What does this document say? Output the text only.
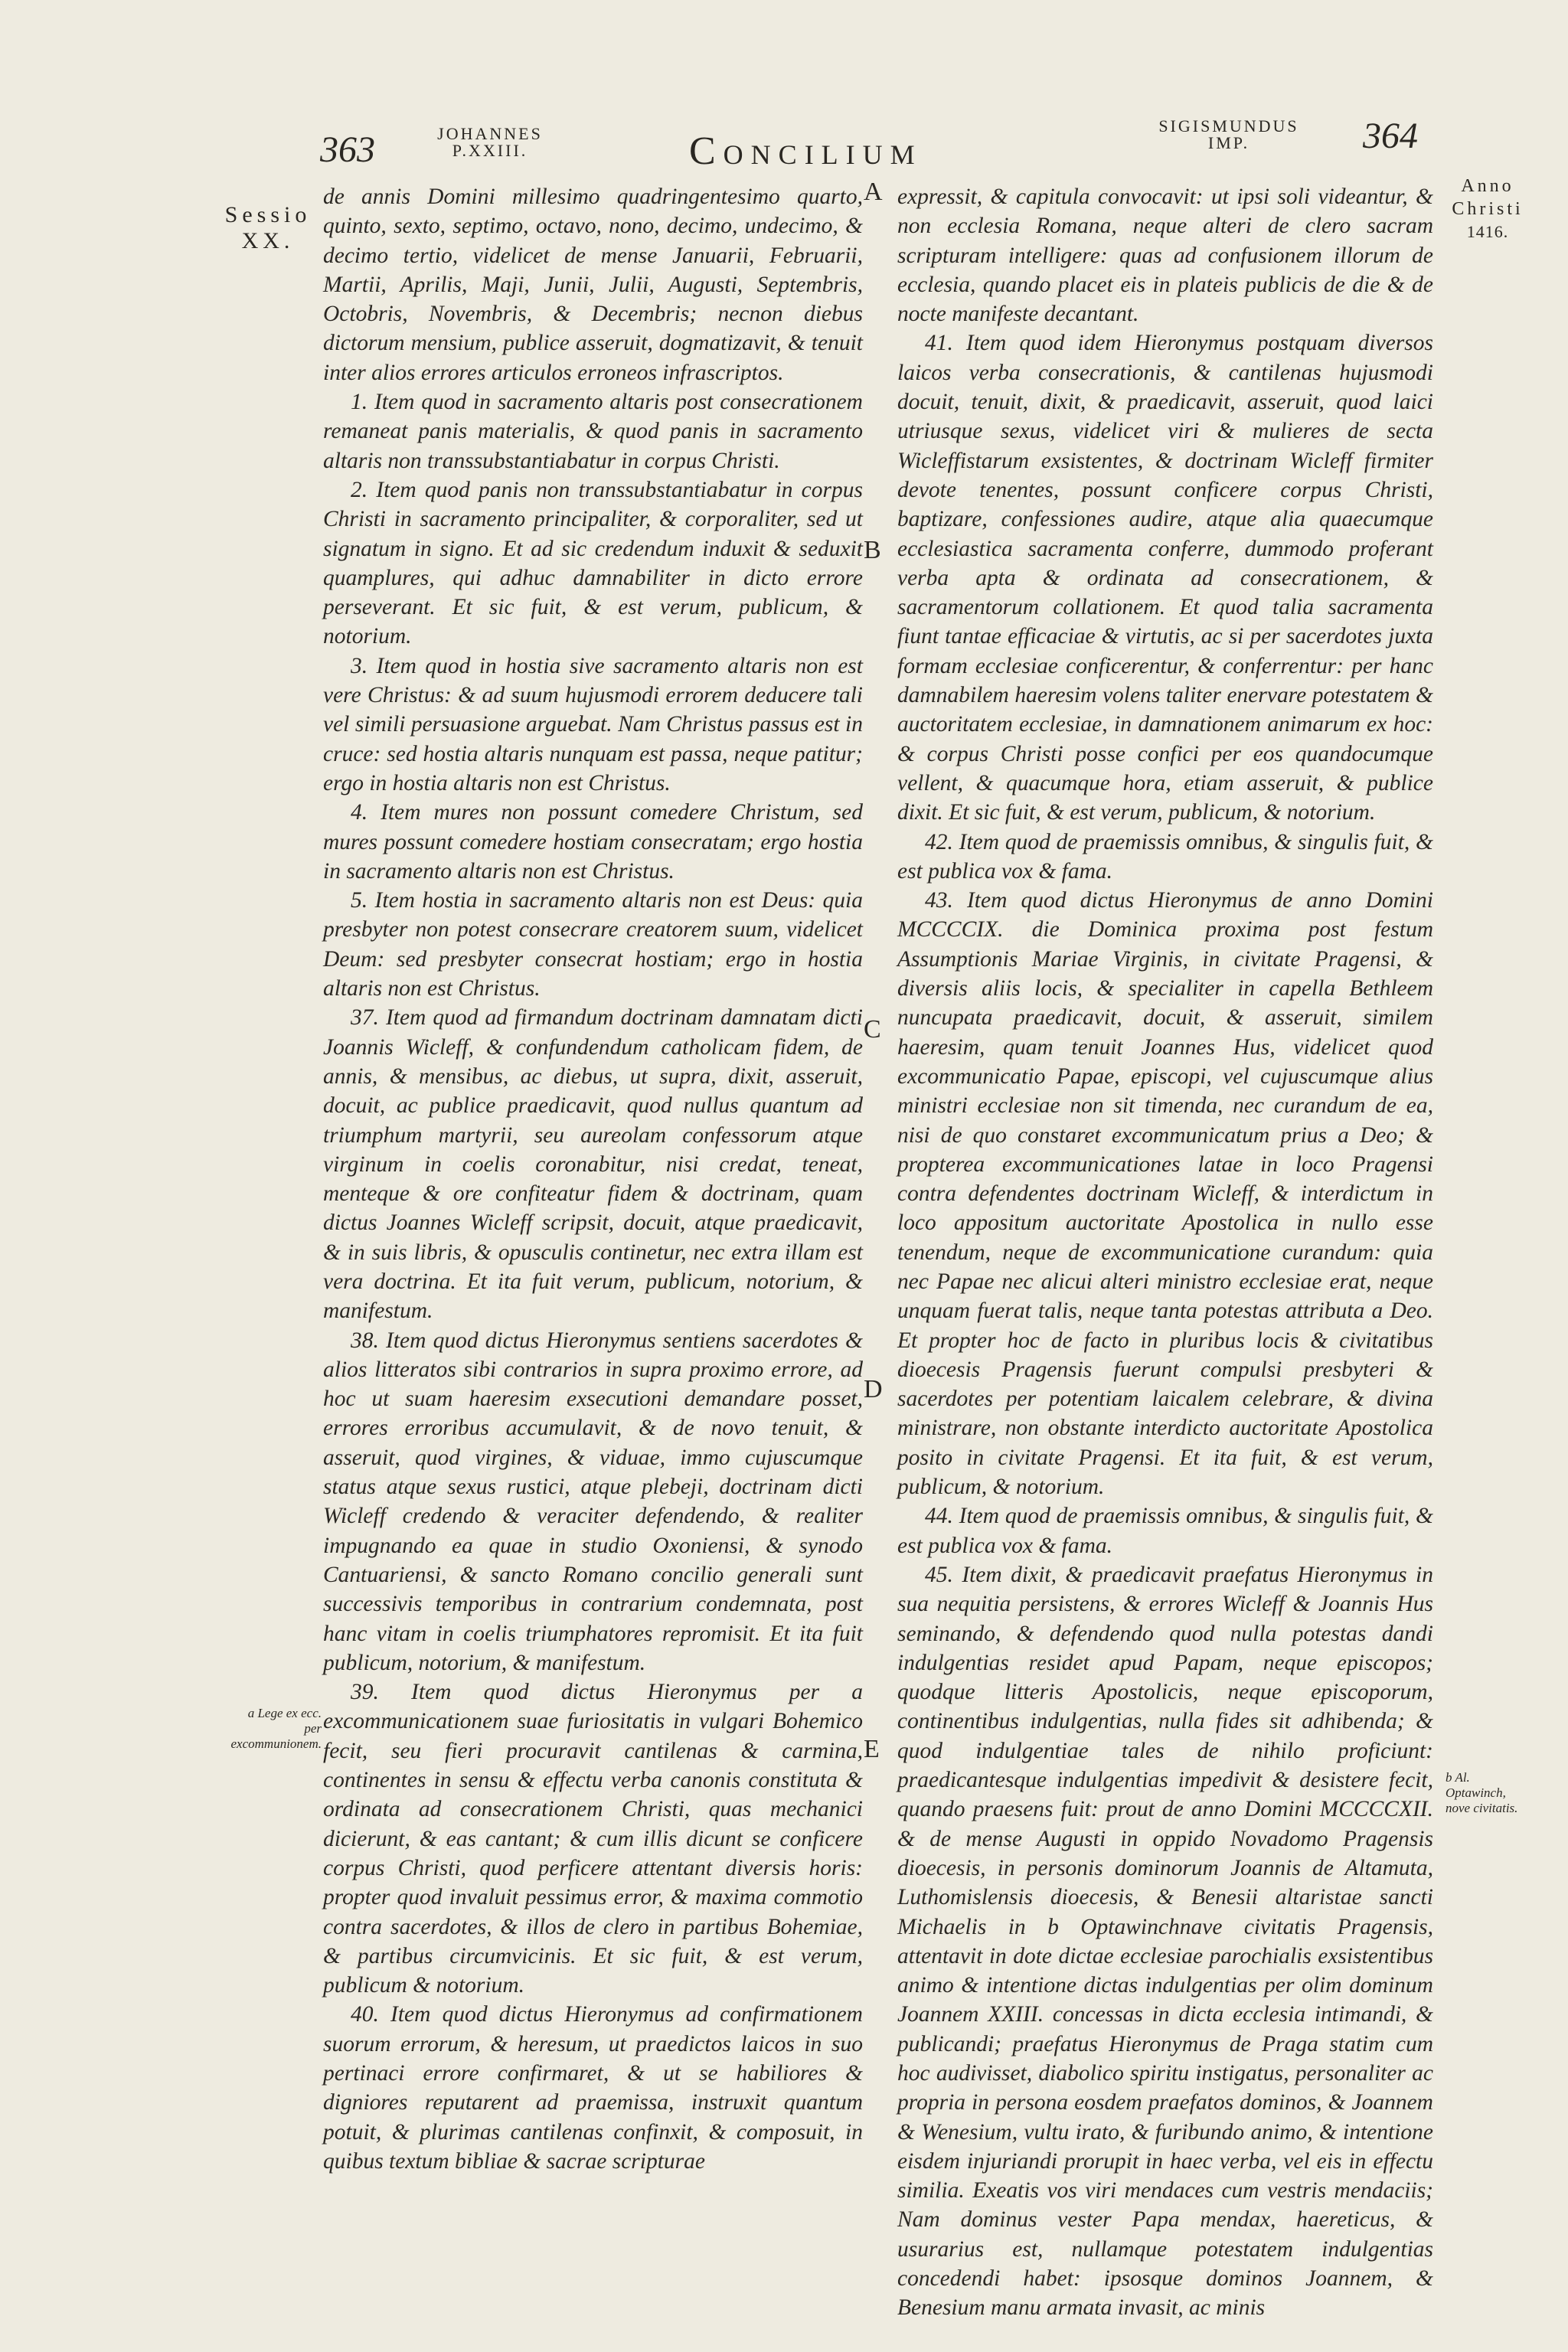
363	JOHANNES P.XXIII.	Concilium
SIGISMUNDUS IMP.	364
Sessio XX.
Anno Christi
1416.

de annis Domini millesimo quadringentesimo quarto, quinto, sexto, septimo, octavo, nono, decimo, undecimo, & decimo tertio, videlicet de mense Januarii, Februarii, Martii, Aprilis, Maji, Junii, Julii, Augusti, Septembris, Octobris, Novembris, & Decembris; necnon diebus dictorum mensium, publice asseruit, dogmatizavit, & tenuit inter alios errores articulos erroneos infrascriptos.

1. Item quod in sacramento altaris post consecrationem remaneat panis materialis, & quod panis in sacramento altaris non transsubstantiabatur in corpus Christi.

2. Item quod panis non transsubstantiabatur in corpus Christi in sacramento principaliter, & corporaliter, sed ut signatum in signo. Et ad sic credendum induxit & seduxit quamplures, qui adhuc damnabiliter in dicto errore perseverant. Et sic fuit, & est verum, publicum, & notorium.

3. Item quod in hostia sive sacramento altaris non est vere Christus: & ad suum hujusmodi errorem deducere tali vel simili persuasione arguebat. Nam Christus passus est in cruce: sed hostia altaris nunquam est passa, neque patitur; ergo in hostia altaris non est Christus.

4. Item mures non possunt comedere Christum, sed mures possunt comedere hostiam consecratam; ergo hostia in sacramento altaris non est Christus.

5. Item hostia in sacramento altaris non est Deus: quia presbyter non potest consecrare creatorem suum, videlicet Deum: sed presbyter consecrat hostiam; ergo in hostia altaris non est Christus.

37. Item quod ad firmandum doctrinam damnatam dicti Joannis Wicleff, & confundendum catholicam fidem, de annis, & mensibus, ac diebus, ut supra, dixit, asseruit, docuit, ac publice praedicavit, quod nullus quantum ad triumphum martyrii, seu aureolam confessorum atque virginum in coelis coronabitur, nisi credat, teneat, menteque & ore confiteatur fidem & doctrinam, quam dictus Joannes Wicleff scripsit, docuit, atque praedicavit, & in suis libris, & opusculis continetur, nec extra illam est vera doctrina. Et ita fuit verum, publicum, notorium, & manifestum.

38. Item quod dictus Hieronymus sentiens sacerdotes & alios litteratos sibi contrarios in supra proximo errore, ad hoc ut suam haeresim exsecutioni demandare posset, errores erroribus accumulavit, & de novo tenuit, & asseruit, quod virgines, & viduae, immo cujuscumque status atque sexus rustici, atque plebeji, doctrinam dicti Wicleff credendo & veraciter defendendo, & realiter impugnando ea quae in studio Oxoniensi, & synodo Cantuariensi, & sancto Romano concilio generali sunt successivis temporibus in contrarium condemnata, post hanc vitam in coelis triumphatores repromisit. Et ita fuit publicum, notorium, & manifestum.

39. Item quod dictus Hieronymus per a excommunicationem suae furiositatis in vulgari Bohemico fecit, seu fieri procuravit cantilenas & carmina, continentes in sensu & effectu verba canonis constituta & ordinata ad consecrationem Christi, quas mechanici dicierunt, & eas cantant; & cum illis dicunt se conficere corpus Christi, quod perficere attentant diversis horis: propter quod invaluit pessimus error, & maxima commotio contra sacerdotes, & illos de clero in partibus Bohemiae, & partibus circumvicinis. Et sic fuit, & est verum, publicum & notorium.

40. Item quod dictus Hieronymus ad confirmationem suorum errorum, & heresum, ut praedictos laicos in suo pertinaci errore confirmaret, & ut se habiliores & digniores reputarent ad praemissa, instruxit quantum potuit, & plurimas cantilenas confinxit, & composuit, in quibus textum bibliae & sacrae scripturae

expressit, & capitula convocavit: ut ipsi soli videantur, & non ecclesia Romana, neque alteri de clero sacram scripturam intelligere: quas ad confusionem illorum de ecclesia, quando placet eis in plateis publicis de die & de nocte manifeste decantant.

41. Item quod idem Hieronymus postquam diversos laicos verba consecrationis, & cantilenas hujusmodi docuit, tenuit, dixit, & praedicavit, asseruit, quod laici utriusque sexus, videlicet viri & mulieres de secta Wicleffistarum exsistentes, & doctrinam Wicleff firmiter devote tenentes, possunt conficere corpus Christi, baptizare, confessiones audire, atque alia quaecumque ecclesiastica sacramenta conferre, dummodo proferant verba apta & ordinata ad consecrationem, & sacramentorum collationem. Et quod talia sacramenta fiunt tantae efficaciae & virtutis, ac si per sacerdotes juxta formam ecclesiae conficerentur, & conferrentur: per hanc damnabilem haeresim volens taliter enervare potestatem & auctoritatem ecclesiae, in damnationem animarum ex hoc: & corpus Christi posse confici per eos quandocumque vellent, & quacumque hora, etiam asseruit, & publice dixit. Et sic fuit, & est verum, publicum, & notorium.

42. Item quod de praemissis omnibus, & singulis fuit, & est publica vox & fama.

43. Item quod dictus Hieronymus de anno Domini MCCCCIX. die Dominica proxima post festum Assumptionis Mariae Virginis, in civitate Pragensi, & diversis aliis locis, & specialiter in capella Bethleem nuncupata praedicavit, docuit, & asseruit, similem haeresim, quam tenuit Joannes Hus, videlicet quod excommunicatio Papae, episcopi, vel cujuscumque alius ministri ecclesiae non sit timenda, nec curandum de ea, nisi de quo constaret excommunicatum prius a Deo; & propterea excommunicationes latae in loco Pragensi contra defendentes doctrinam Wicleff, & interdictum in loco appositum auctoritate Apostolica in nullo esse tenendum, neque de excommunicatione curandum: quia nec Papae nec alicui alteri ministro ecclesiae erat, neque unquam fuerat talis, neque tanta potestas attributa a Deo. Et propter hoc de facto in pluribus locis & civitatibus dioecesis Pragensis fuerunt compulsi presbyteri & sacerdotes per potentiam laicalem celebrare, & divina ministrare, non obstante interdicto auctoritate Apostolica posito in civitate Pragensi. Et ita fuit, & est verum, publicum, & notorium.

44. Item quod de praemissis omnibus, & singulis fuit, & est publica vox & fama.

45. Item dixit, & praedicavit praefatus Hieronymus in sua nequitia persistens, & errores Wicleff & Joannis Hus seminando, & defendendo quod nulla potestas dandi indulgentias residet apud Papam, neque episcopos; quodque litteris Apostolicis, neque episcoporum, continentibus indulgentias, nulla fides sit adhibenda; & quod indulgentiae tales de nihilo proficiunt: praedicantesque indulgentias impedivit & desistere fecit, quando praesens fuit: prout de anno Domini MCCCCXII. & de mense Augusti in oppido Novadomo Pragensis dioecesis, in personis dominorum Joannis de Altamuta, Luthomislensis dioecesis, & Benesii altaristae sancti Michaelis in b Optawinchnave civitatis Pragensis, attentavit in dote dictae ecclesiae parochialis exsistentibus animo & intentione dictas indulgentias per olim dominum Joannem XXIII. concessas in dicta ecclesia intimandi, & publicandi; praefatus Hieronymus de Praga statim cum hoc audivisset, diabolico spiritu instigatus, personaliter ac propria in persona eosdem praefatos dominos, & Joannem & Wenesium, vultu irato, & furibundo animo, & intentione eisdem injuriandi prorupit in haec verba, vel eis in effectu similia. Exeatis vos viri mendaces cum vestris mendaciis; Nam dominus vester Papa mendax, haereticus, & usurarius est, nullamque potestatem indulgentias concedendi habet: ipsosque dominos Joannem, & Benesium manu armata invasit, ac minis

A
B
C
D
E
a Lege ex ecc. per excommunionem.
b Al. Optawinch, nove civitatis.
